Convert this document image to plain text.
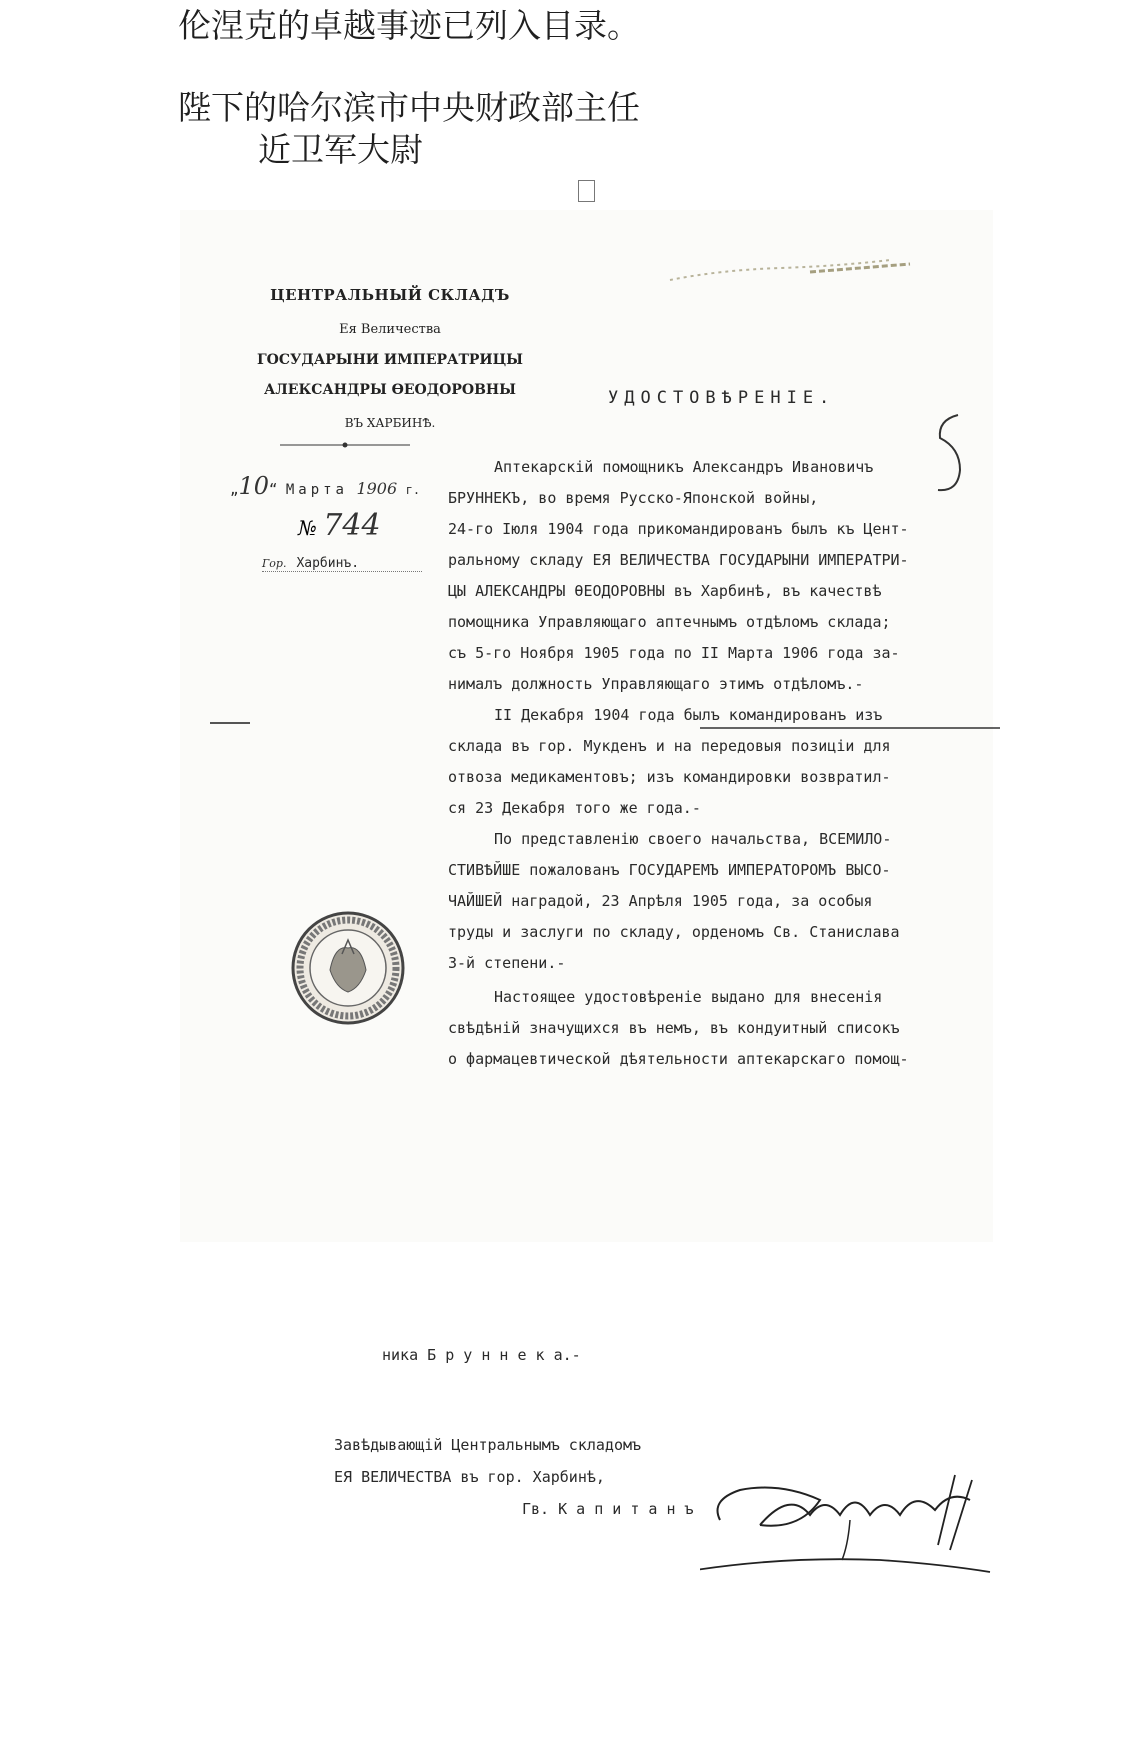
伦涅克的卓越事迹已列入目录。
陛下的哈尔滨市中央财政部主任
近卫军大尉
ЦЕНТРАЛЬНЫЙ СКЛАДЪ
Ея Величества
ГОСУДАРЫНИ ИМПЕРАТРИЦЫ
АЛЕКСАНДРЫ ѲЕОДОРОВНЫ
ВЪ ХАРБИНѢ.
„10“ Марта 1906 г.
№ 744
Гор. Харбинъ.
УДОСТОВѢРЕНІЕ.
Аптекарскій помощникъ Александръ Ивановичъ
БРУННЕКЪ, во время Русско-Японской войны,
24-го Іюля 1904 года прикомандированъ былъ къ Цент-
ральному складу ЕЯ ВЕЛИЧЕСТВА ГОСУДАРЫНИ ИМПЕРАТРИ-
ЦЫ АЛЕКСАНДРЫ ѲЕОДОРОВНЫ въ Харбинѣ, въ качествѣ
помощника Управляющаго аптечнымъ отдѣломъ склада;
съ 5-го Ноября 1905 года по II Марта 1906 года за-
нималъ должность Управляющаго этимъ отдѣломъ.-
II Декабря 1904 года былъ командированъ изъ
склада въ гор. Мукденъ и на передовыя позиціи для
отвоза медикаментовъ; изъ командировки возвратил-
ся 23 Декабря того же года.-
По представленію своего начальства, ВСЕМИЛО-
СТИВѢЙШЕ пожалованъ ГОСУДАРЕМЪ ИМПЕРАТОРОМЪ ВЫСО-
ЧАЙШЕЙ наградой, 23 Апрѣля 1905 года, за особыя
труды и заслуги по складу, орденомъ Св. Станислава
3-й степени.-
Настоящее удостовѣреніе выдано для внесенія
свѣдѣній значущихся въ немъ, въ кондуитный списокъ
о фармацевтической дѣятельности аптекарскаго помощ-
ника Б р у н н е к а.-
Завѣдывающій Центральнымъ складомъ
ЕЯ ВЕЛИЧЕСТВА въ гор. Харбинѣ,
Гв. К а п и т а н ъ
